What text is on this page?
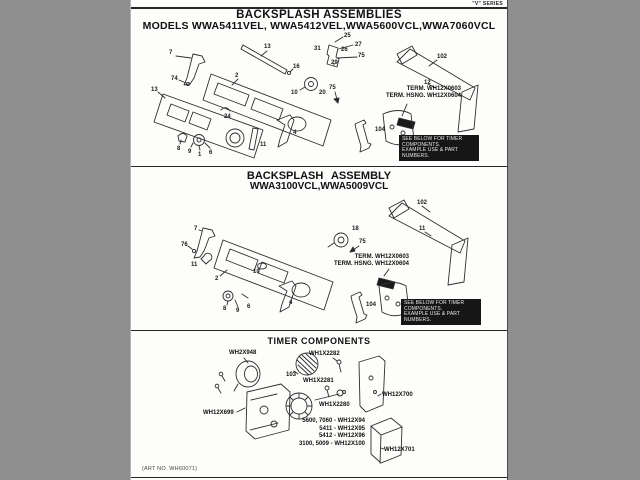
"V" SERIES
BACKSPLASH ASSEMBLIES
MODELS WWA5411VEL, WWA5412VEL,WWA5600VCL,WWA7060VCL
7
74
13
16
2
13
25
27
26
31
29
75
75
10	20
24
8 9 1 6
11
4
102
12
104
TERM. WH12X0603
TERM. HSNG. WH12X0604
SEE BELOW FOR TIMER COMPONENTS.
EXAMPLE USE & PART NUMBERS.
BACKSPLASH ASSEMBLY
WWA3100VCL,WWA5009VCL
7
76
11
2
10
8 9
6
4
18
75
102
11
104
TERM. WH12X0603
TERM. HSNG. WH12X0604
SEE BELOW FOR TIMER COMPONENTS.
EXAMPLE USE & PART NUMBERS.
TIMER COMPONENTS
WH2X948
103
WH1X2282
WH1X2281
WH12X699
WH1X2280
WH12X700
WH12X701
5600, 7060 - WH12X94
5411 - WH12X95
5412 - WH12X96
3100, 5009 - WH12X100
(ART NO. WH60071)
